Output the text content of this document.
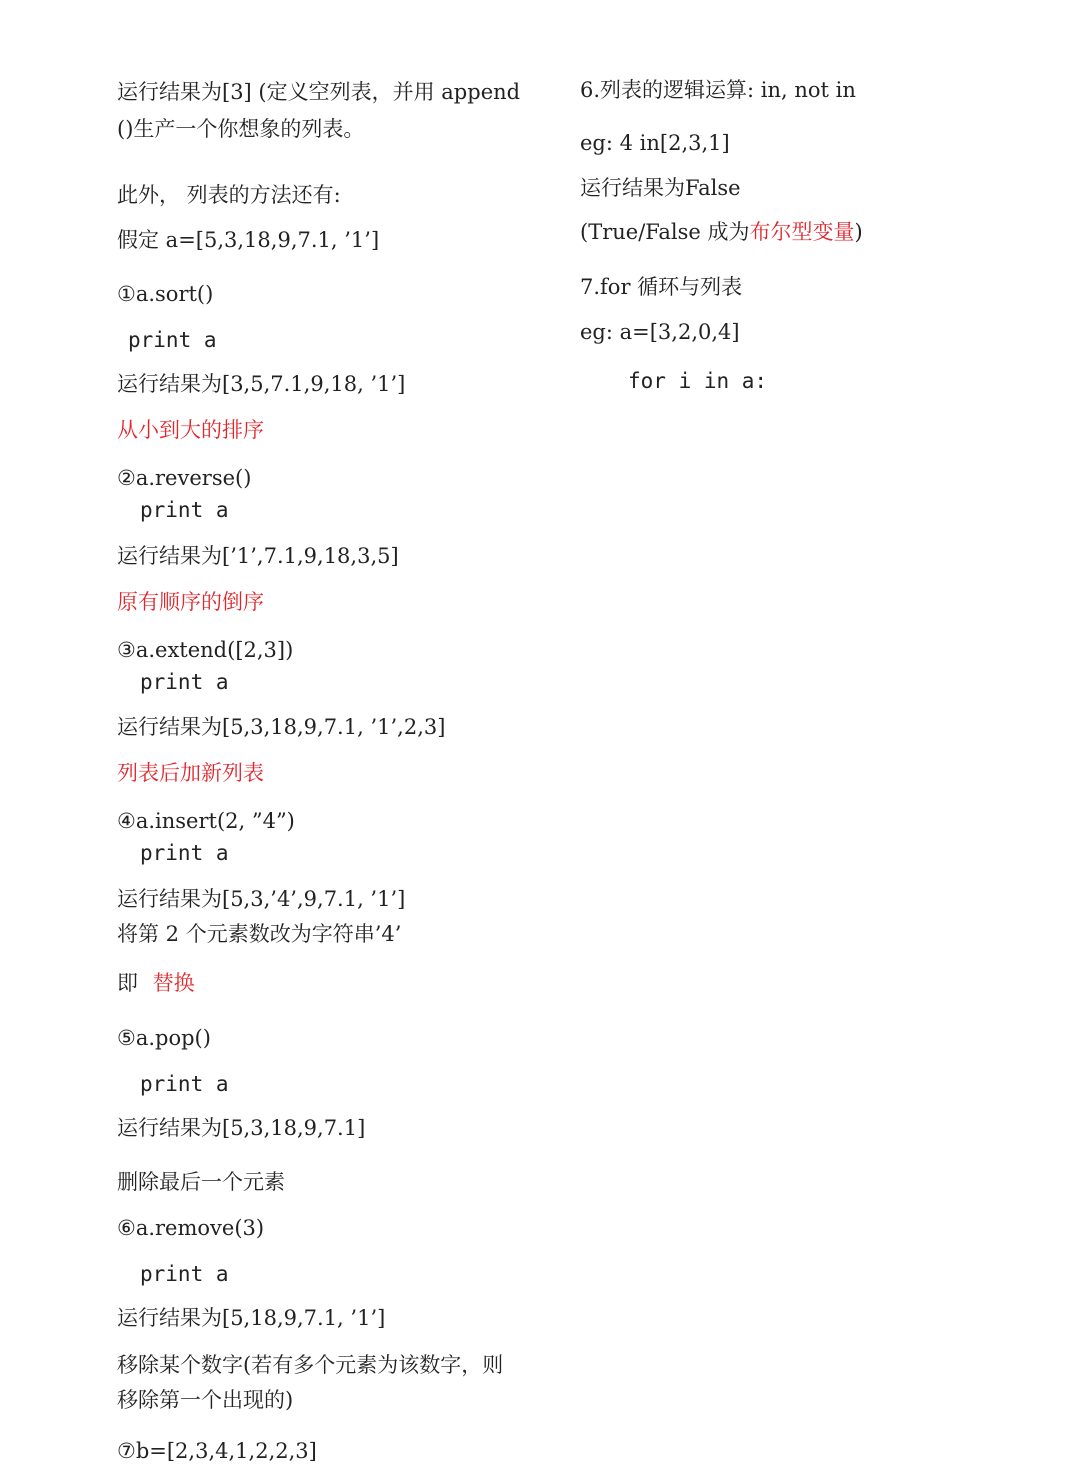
运行结果为[3] (定义空列表，并用 append
()生产一个你想象的列表。
此外， 列表的方法还有:
假定 a=[5,3,18,9,7.1, ’1’]
①a.sort()
print a
运行结果为[3,5,7.1,9,18, ’1’]
从小到大的排序
②a.reverse()
print a
运行结果为[’1’,7.1,9,18,3,5]
原有顺序的倒序
③a.extend([2,3])
print a
运行结果为[5,3,18,9,7.1, ’1’,2,3]
列表后加新列表
④a.insert(2, ”4”)
print a
运行结果为[5,3,’4’,9,7.1, ’1’]
将第 2 个元素数改为字符串’4’
即 替换
⑤a.pop()
print a
运行结果为[5,3,18,9,7.1]
删除最后一个元素
⑥a.remove(3)
print a
运行结果为[5,18,9,7.1, ’1’]
移除某个数字(若有多个元素为该数字，则
移除第一个出现的)
⑦b=[2,3,4,1,2,2,3]
6.列表的逻辑运算: in, not in
eg: 4 in[2,3,1]
运行结果为False
(True/False 成为布尔型变量)
7.for 循环与列表
eg: a=[3,2,0,4]
for i in a:
